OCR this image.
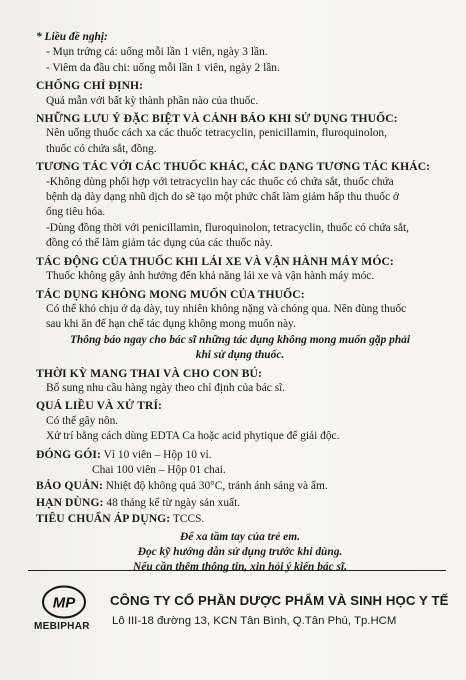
* Liều đề nghị:
- Mụn trứng cá: uống mỗi lần 1 viên, ngày 3 lần.
- Viêm da đầu chi: uống mỗi lần 1 viên, ngày 2 lần.
CHỐNG CHỈ ĐỊNH:
Quá mẫn với bất kỳ thành phần nào của thuốc.
NHỮNG LƯU Ý ĐẶC BIỆT VÀ CẢNH BÁO KHI SỬ DỤNG THUỐC:
Nên uống thuốc cách xa các thuốc tetracyclin, penicillamin, fluroquinolon,
thuốc có chứa sắt, đồng.
TƯƠNG TÁC VỚI CÁC THUỐC KHÁC, CÁC DẠNG TƯƠNG TÁC KHÁC:
-Không dùng phối hợp với tetracyclin hay các thuốc có chứa sắt, thuốc chứa
bệnh dạ dày dạng nhũ dịch do sẽ tạo một phức chất làm giảm hấp thu thuốc ở
ống tiêu hóa.
-Dùng đồng thời với penicillamin, fluroquinolon, tetracyclin, thuốc có chứa sắt,
đồng có thể làm giảm tác dụng của các thuốc này.
TÁC ĐỘNG CỦA THUỐC KHI LÁI XE VÀ VẬN HÀNH MÁY MÓC:
Thuốc không gây ảnh hưởng đến khả năng lái xe và vận hành máy móc.
TÁC DỤNG KHÔNG MONG MUỐN CỦA THUỐC:
Có thể khó chịu ở dạ dày, tuy nhiên không nặng và chóng qua. Nên dùng thuốc
sau khi ăn để hạn chế tác dụng không mong muốn này.
Thông báo ngay cho bác sĩ những tác dụng không mong muốn gặp phải
khi sử dụng thuốc.
THỜI KỲ MANG THAI VÀ CHO CON BÚ:
Bổ sung nhu cầu hàng ngày theo chỉ định của bác sĩ.
QUÁ LIỀU VÀ XỬ TRÍ:
Có thể gây nôn.
Xử trí bằng cách dùng EDTA Ca hoặc acid phytique để giải độc.
ĐÓNG GÓI: Vỉ 10 viên – Hộp 10 vỉ.
Chai 100 viên – Hộp 01 chai.
BẢO QUẢN: Nhiệt độ không quá 30°C, tránh ánh sáng và ẩm.
HẠN DÙNG: 48 tháng kể từ ngày sản xuất.
TIÊU CHUẨN ÁP DỤNG: TCCS.
Để xa tầm tay của trẻ em.
Đọc kỹ hướng dẫn sử dụng trước khi dùng.
Nếu cần thêm thông tin, xin hỏi ý kiến bác sĩ.
MP
MEBIPHAR
CÔNG TY CỔ PHẦN DƯỢC PHẨM VÀ SINH HỌC Y TẾ
Lô III-18 đường 13, KCN Tân Bình, Q.Tân Phú, Tp.HCM
